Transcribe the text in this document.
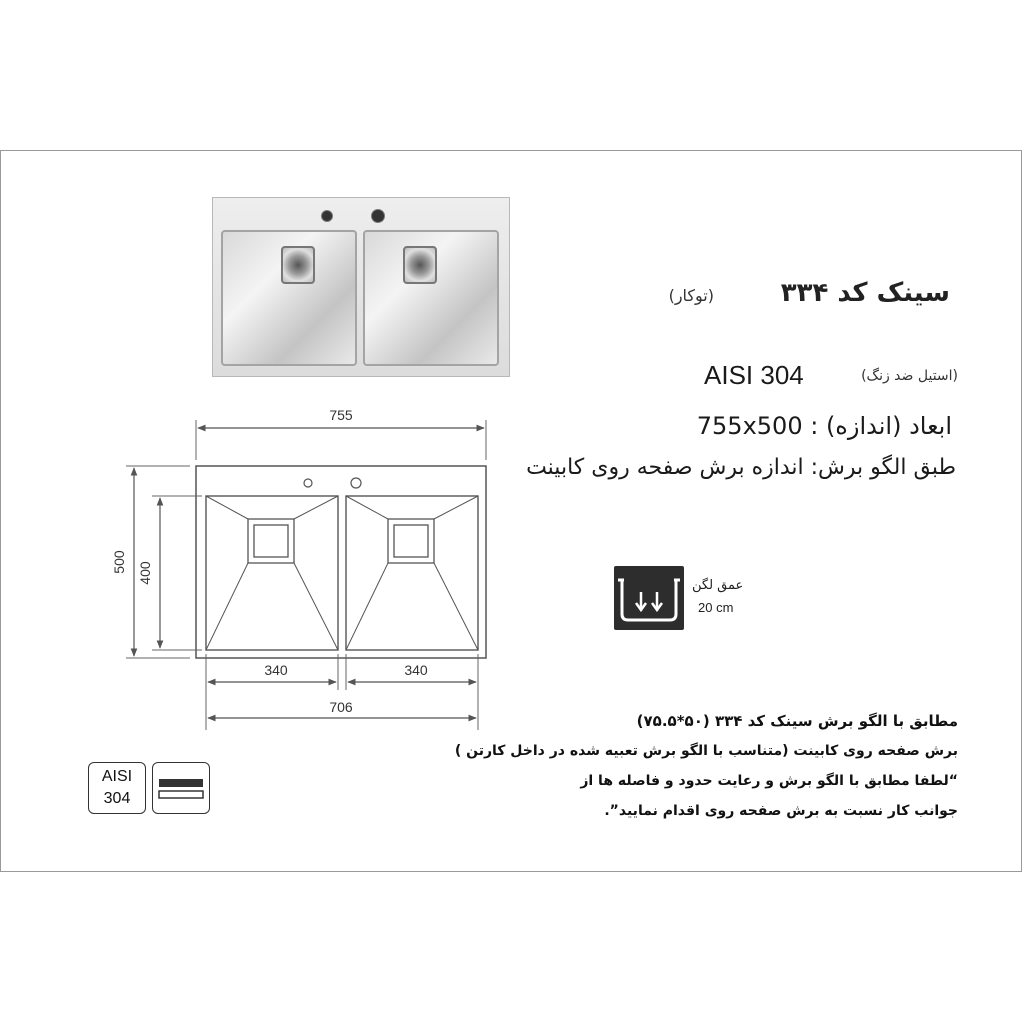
سینک کد ۳۳۴
(توکار)
AISI 304	(استیل ضد زنگ)
755x500 : ابعاد (اندازه)
طبق الگو برش: اندازه برش صفحه روی کابینت
755
500 400
340	340
706
عمق لگن
20 cm
مطابق با الگو برش سینک کد ۳۳۴ (۵۰*۷۵.۵)
برش صفحه روی کابینت (متناسب با الگو برش تعبیه شده در داخل کارتن )
“لطفا مطابق با الگو برش و رعایت حدود و فاصله ها از
جوانب کار نسبت به برش صفحه روی اقدام نمایید”.
AISI
304
